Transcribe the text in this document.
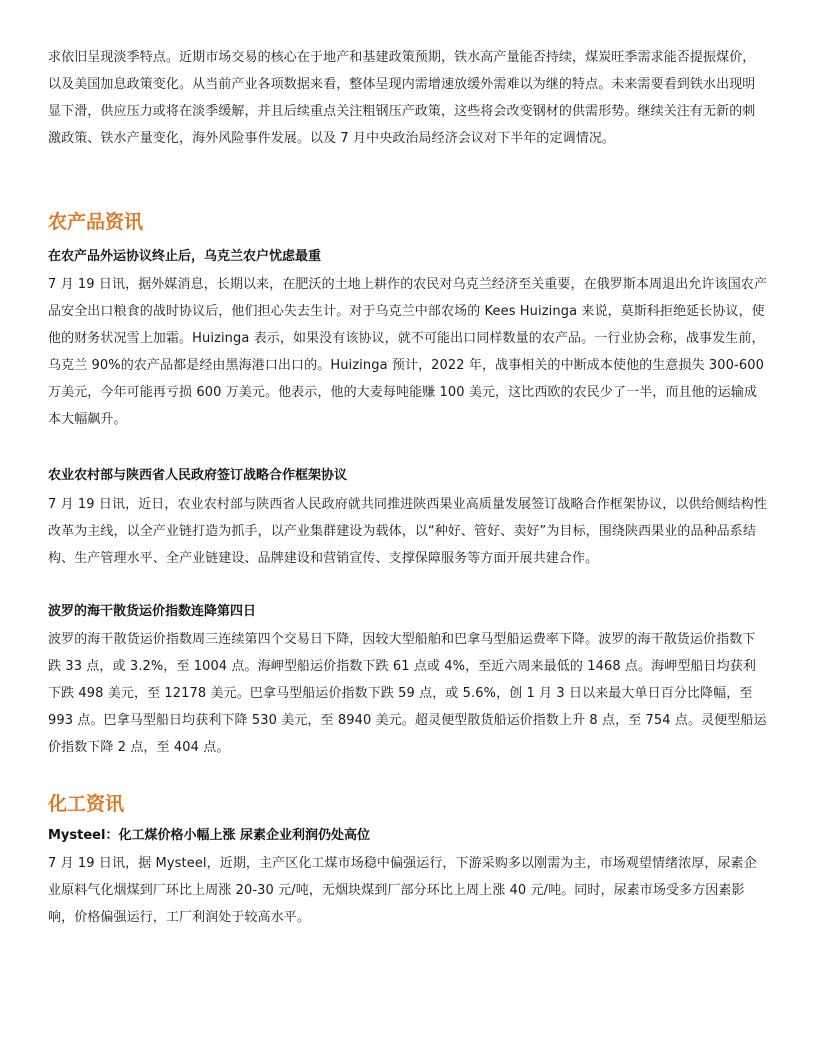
求依旧呈现淡季特点。近期市场交易的核心在于地产和基建政策预期，铁水高产量能否持续，煤炭旺季需求能否提振煤价，以及美国加息政策变化。从当前产业各项数据来看，整体呈现内需增速放缓外需难以为继的特点。未来需要看到铁水出现明显下滑，供应压力或将在淡季缓解，并且后续重点关注粗钢压产政策，这些将会改变钢材的供需形势。继续关注有无新的刺激政策、铁水产量变化，海外风险事件发展。以及 7 月中央政治局经济会议对下半年的定调情况。

农产品资讯
在农产品外运协议终止后，乌克兰农户忧虑最重

7 月 19 日讯，据外媒消息，长期以来，在肥沃的土地上耕作的农民对乌克兰经济至关重要，在俄罗斯本周退出允许该国农产品安全出口粮食的战时协议后，他们担心失去生计。对于乌克兰中部农场的 Kees Huizinga 来说，莫斯科拒绝延长协议，使他的财务状况雪上加霜。Huizinga 表示，如果没有该协议，就不可能出口同样数量的农产品。一行业协会称，战事发生前，乌克兰 90%的农产品都是经由黑海港口出口的。Huizinga 预计，2022 年，战事相关的中断成本使他的生意损失 300-600 万美元，今年可能再亏损 600 万美元。他表示，他的大麦每吨能赚 100 美元，这比西欧的农民少了一半，而且他的运输成本大幅飙升。

农业农村部与陕西省人民政府签订战略合作框架协议

7 月 19 日讯，近日，农业农村部与陕西省人民政府就共同推进陕西果业高质量发展签订战略合作框架协议，以供给侧结构性改革为主线，以全产业链打造为抓手，以产业集群建设为载体，以“种好、管好、卖好”为目标，围绕陕西果业的品种品系结构、生产管理水平、全产业链建设、品牌建设和营销宣传、支撑保障服务等方面开展共建合作。

波罗的海干散货运价指数连降第四日

波罗的海干散货运价指数周三连续第四个交易日下降，因较大型船舶和巴拿马型船运费率下降。波罗的海干散货运价指数下跌 33 点，或 3.2%，至 1004 点。海岬型船运价指数下跌 61 点或 4%，至近六周来最低的 1468 点。海岬型船日均获利下跌 498 美元，至 12178 美元。巴拿马型船运价指数下跌 59 点，或 5.6%，创 1 月 3 日以来最大单日百分比降幅，至 993 点。巴拿马型船日均获利下降 530 美元，至 8940 美元。超灵便型散货船运价指数上升 8 点，至 754 点。灵便型船运价指数下降 2 点，至 404 点。

化工资讯
Mysteel：化工煤价格小幅上涨 尿素企业利润仍处高位

7 月 19 日讯，据 Mysteel，近期，主产区化工煤市场稳中偏强运行，下游采购多以刚需为主，市场观望情绪浓厚，尿素企业原料气化烟煤到厂环比上周涨 20-30 元/吨，无烟块煤到厂部分环比上周上涨 40 元/吨。同时，尿素市场受多方因素影响，价格偏强运行，工厂利润处于较高水平。
